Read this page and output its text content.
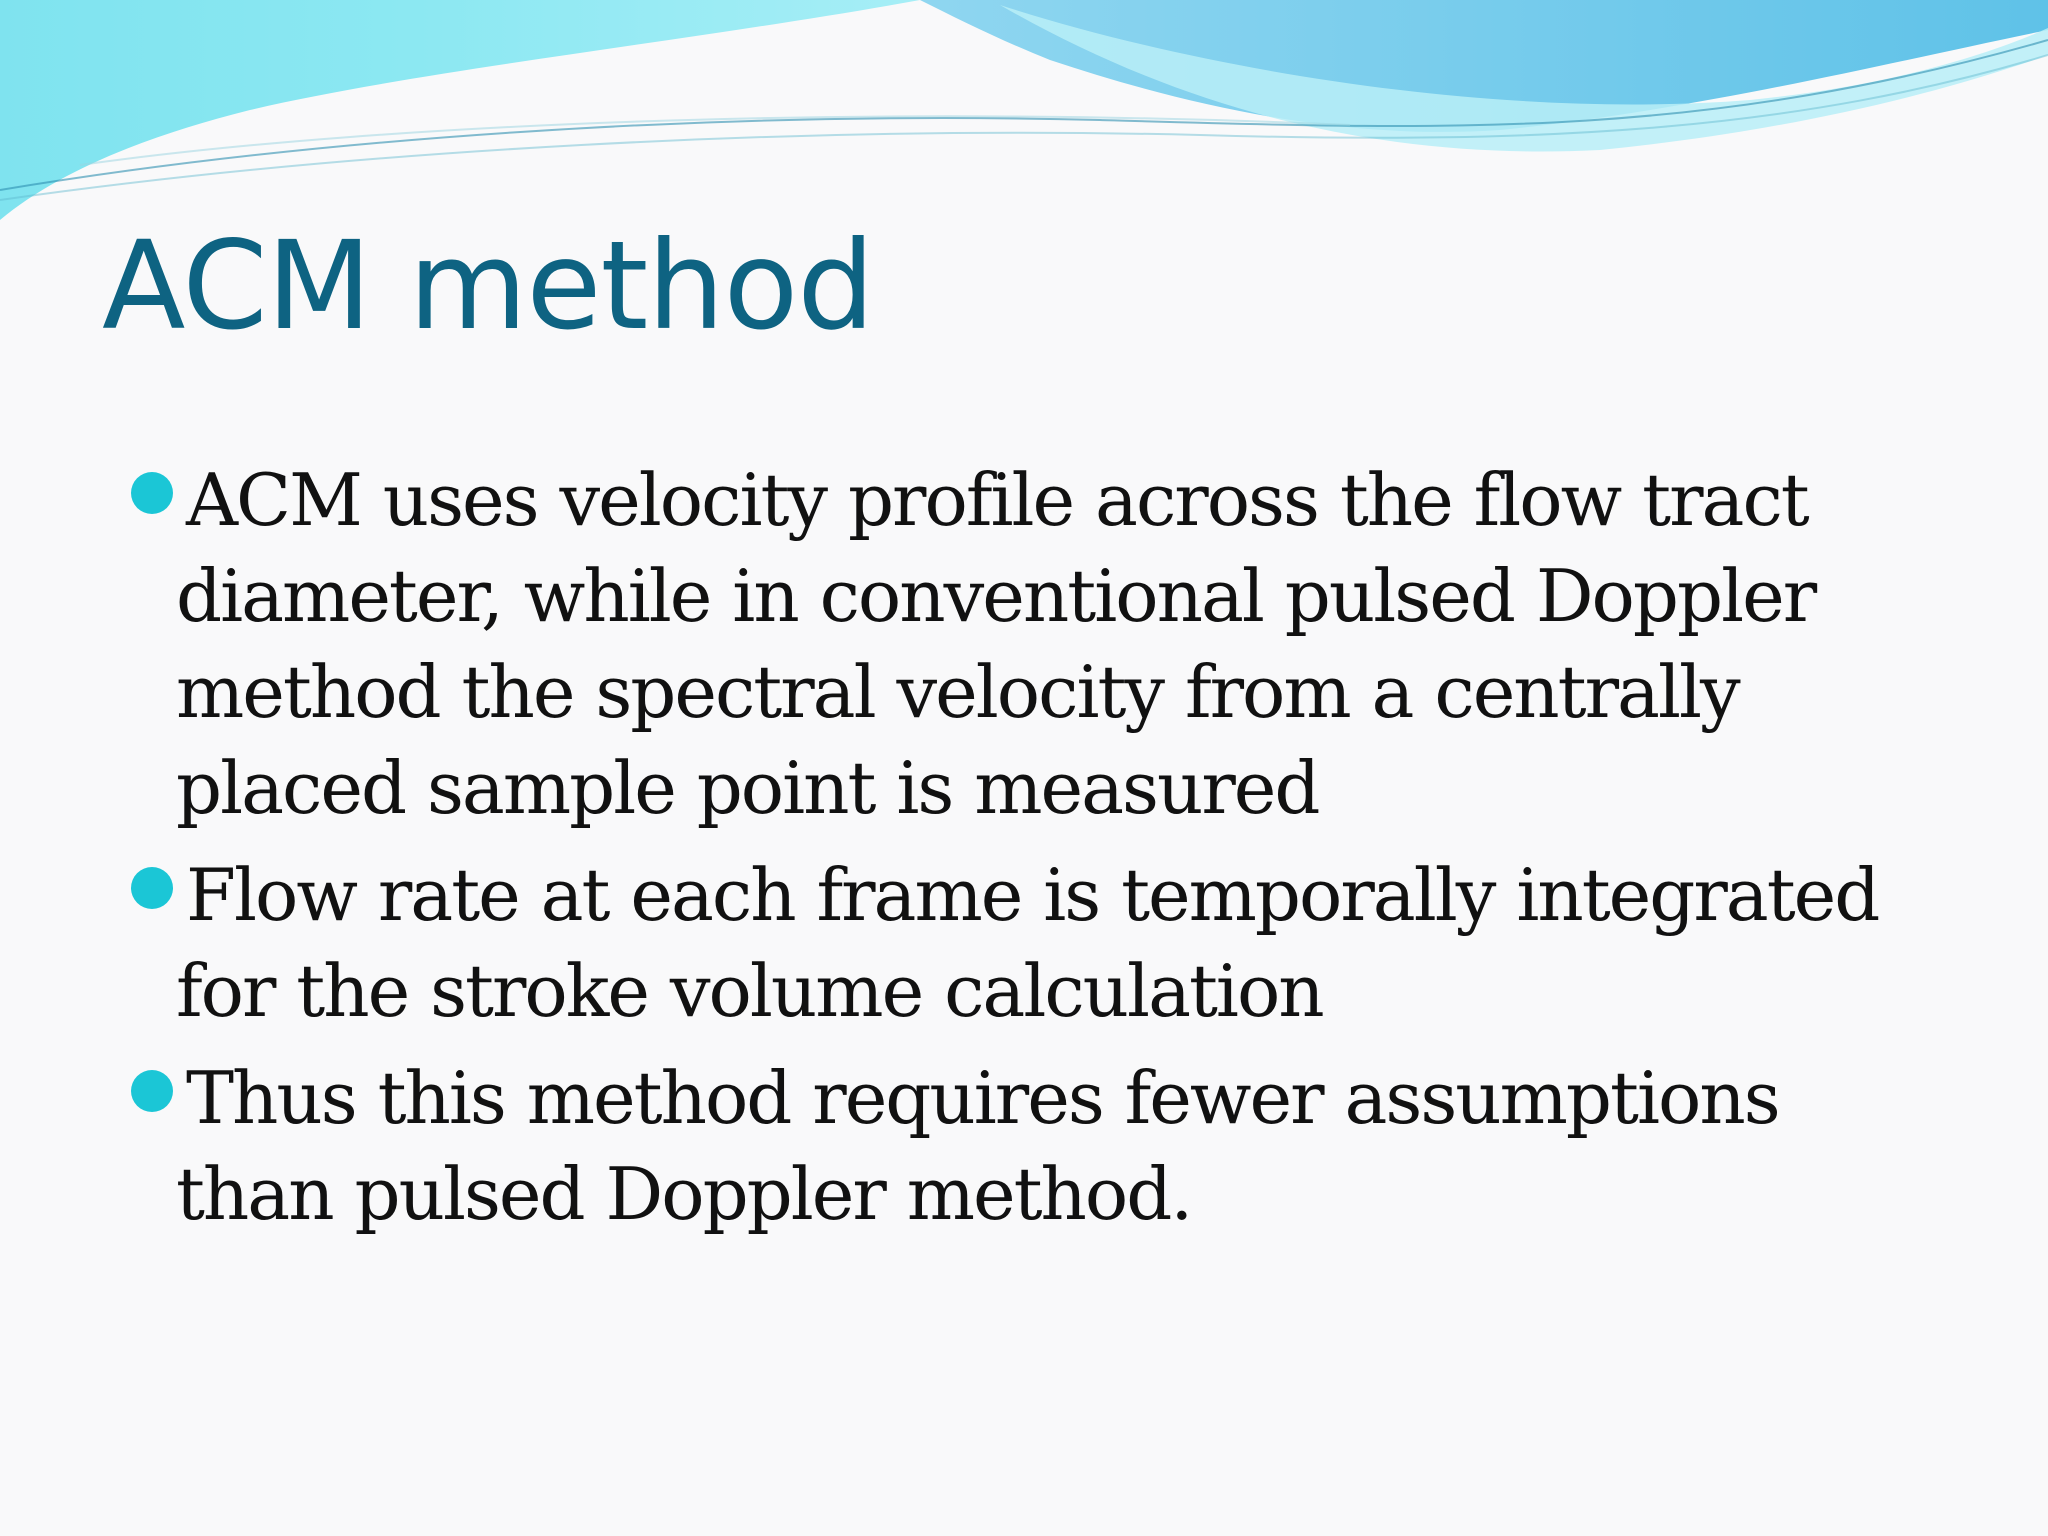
ACM method
ACM uses velocity profile across the flow tract diameter, while in conventional pulsed Doppler method the spectral velocity from a centrally placed sample point is measured
Flow rate at each frame is temporally integrated for the stroke volume calculation
Thus this method requires fewer assumptions than pulsed Doppler method.
